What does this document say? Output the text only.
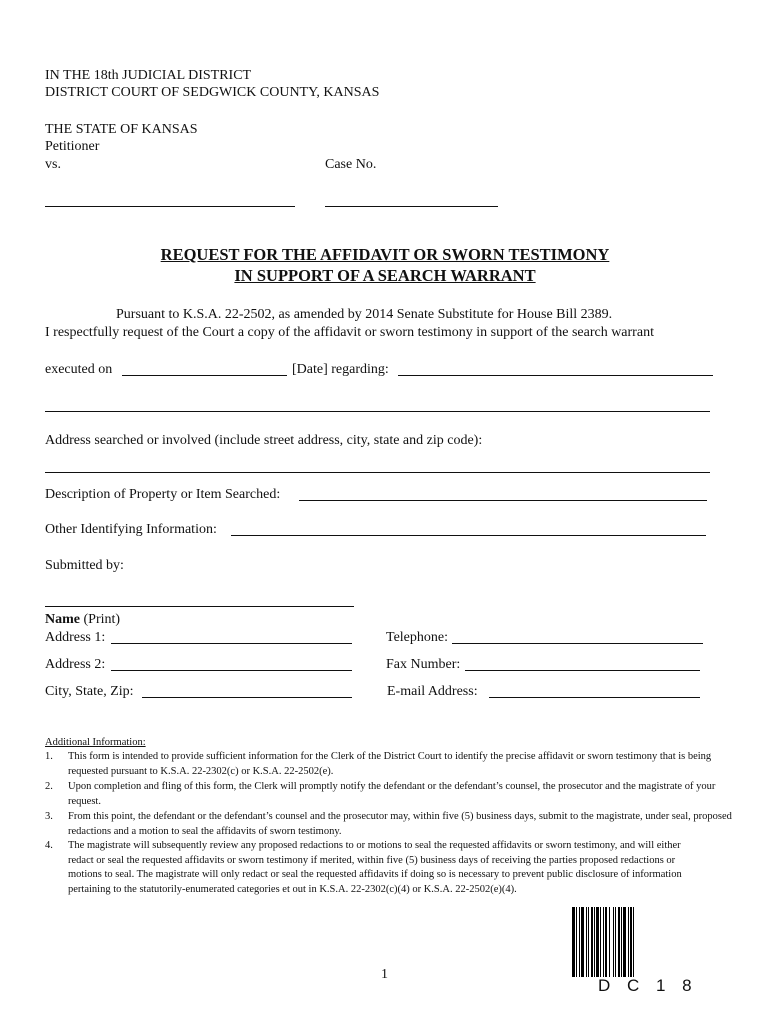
IN THE 18th JUDICIAL DISTRICT
DISTRICT COURT OF SEDGWICK COUNTY, KANSAS
THE STATE OF KANSAS
Petitioner
vs.	Case No.
REQUEST FOR THE AFFIDAVIT OR SWORN TESTIMONY
IN SUPPORT OF A SEARCH WARRANT
Pursuant to K.S.A. 22-2502, as amended by 2014 Senate Substitute for House Bill 2389.
I respectfully request of the Court a copy of the affidavit or sworn testimony in support of the search warrant
executed on	[Date] regarding:
Address searched or involved (include street address, city, state and zip code):
Description of Property or Item Searched:
Other Identifying Information:
Submitted by:
Name (Print)
Address 1:	Telephone:
Address 2:	Fax Number:
City, State, Zip:	E-mail Address:
Additional Information:
1. This form is intended to provide sufficient information for the Clerk of the District Court to identify the precise affidavit or sworn testimony that is being requested pursuant to K.S.A. 22-2302(c) or K.S.A. 22-2502(e).
2. Upon completion and fling of this form, the Clerk will promptly notify the defendant or the defendant’s counsel, the prosecutor and the magistrate of your request.
3. From this point, the defendant or the defendant’s counsel and the prosecutor may, within five (5) business days, submit to the magistrate, under seal, proposed redactions and a motion to seal the affidavits of sworn testimony.
4. The magistrate will subsequently review any proposed redactions to or motions to seal the requested affidavits or sworn testimony, and will either redact or seal the requested affidavits or sworn testimony if merited, within five (5) business days of receiving the parties proposed redactions or motions to seal. The magistrate will only redact or seal the requested affidavits if doing so is necessary to prevent public disclosure of information pertaining to the statutorily-enumerated categories et out in K.S.A. 22-2302(c)(4) or K.S.A. 22-2502(e)(4).
1
D C 1 8
